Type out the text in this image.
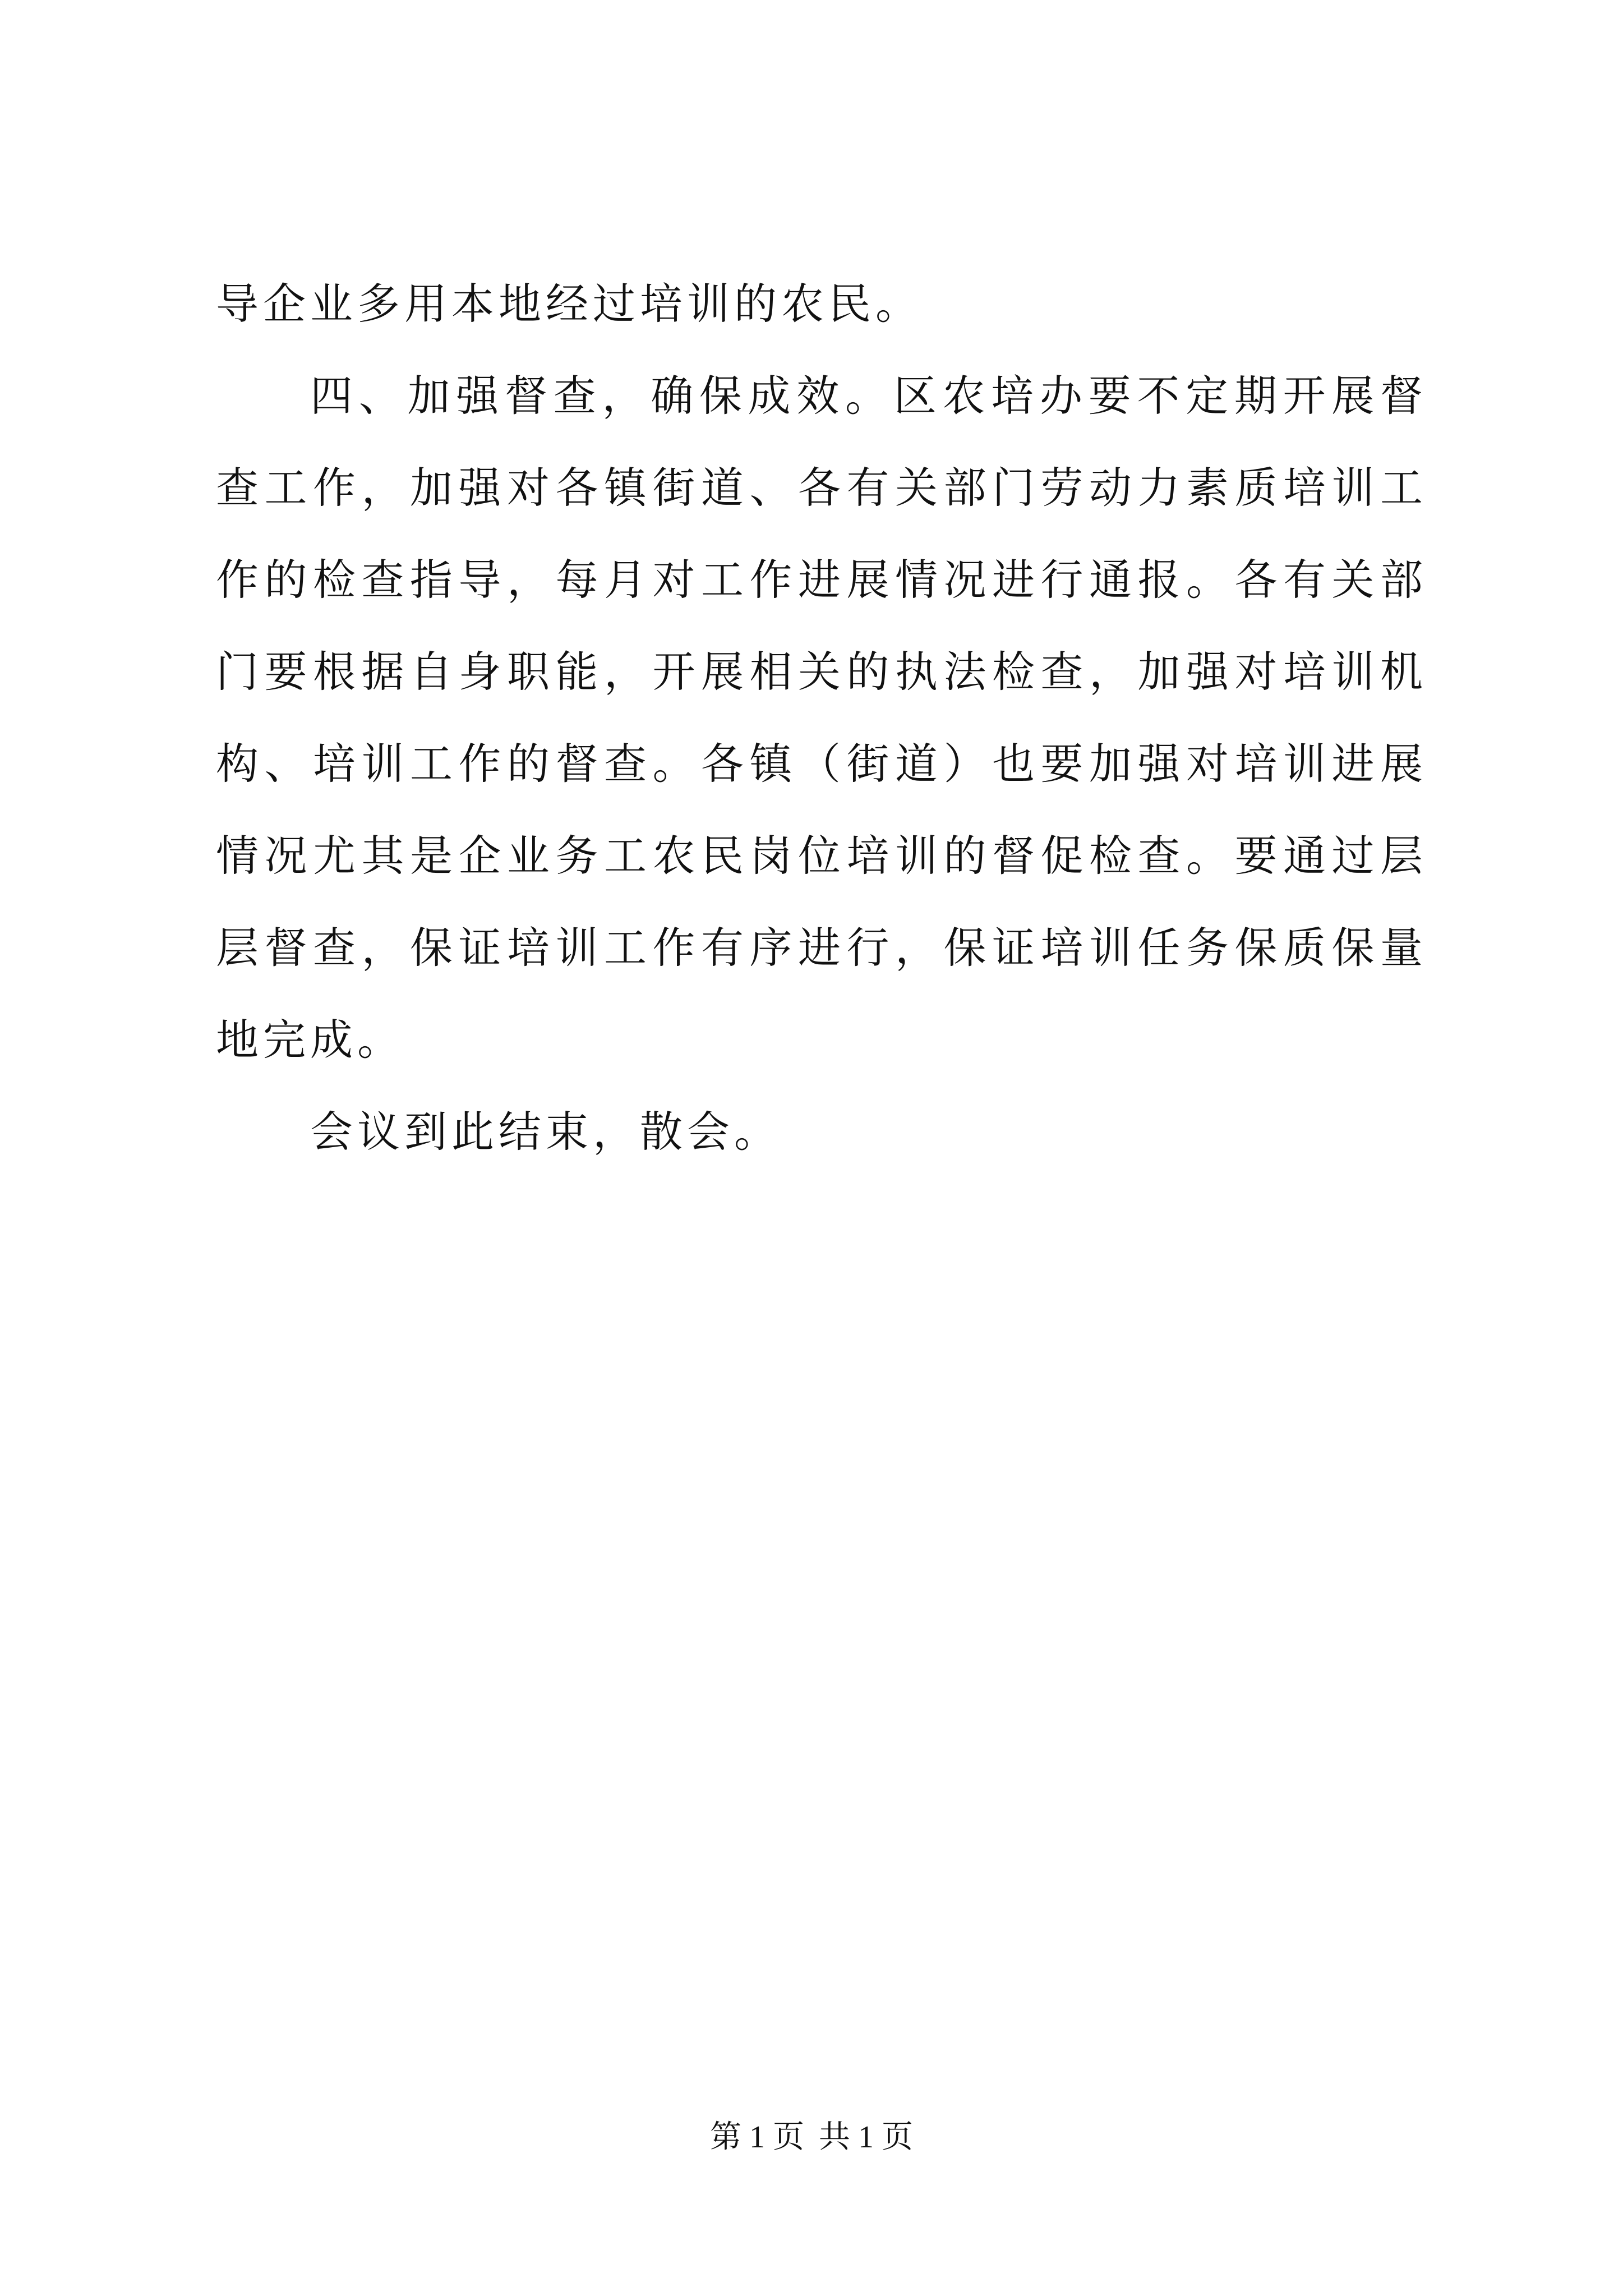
导企业多用本地经过培训的农民。

四、加强督查，确保成效。区农培办要不定期开展督查工作，加强对各镇街道、各有关部门劳动力素质培训工作的检查指导，每月对工作进展情况进行通报。各有关部门要根据自身职能，开展相关的执法检查，加强对培训机构、培训工作的督查。各镇（街道）也要加强对培训进展情况尤其是企业务工农民岗位培训的督促检查。要通过层层督查，保证培训工作有序进行，保证培训任务保质保量地完成。

会议到此结束，散会。

第 1 页 共 1 页
